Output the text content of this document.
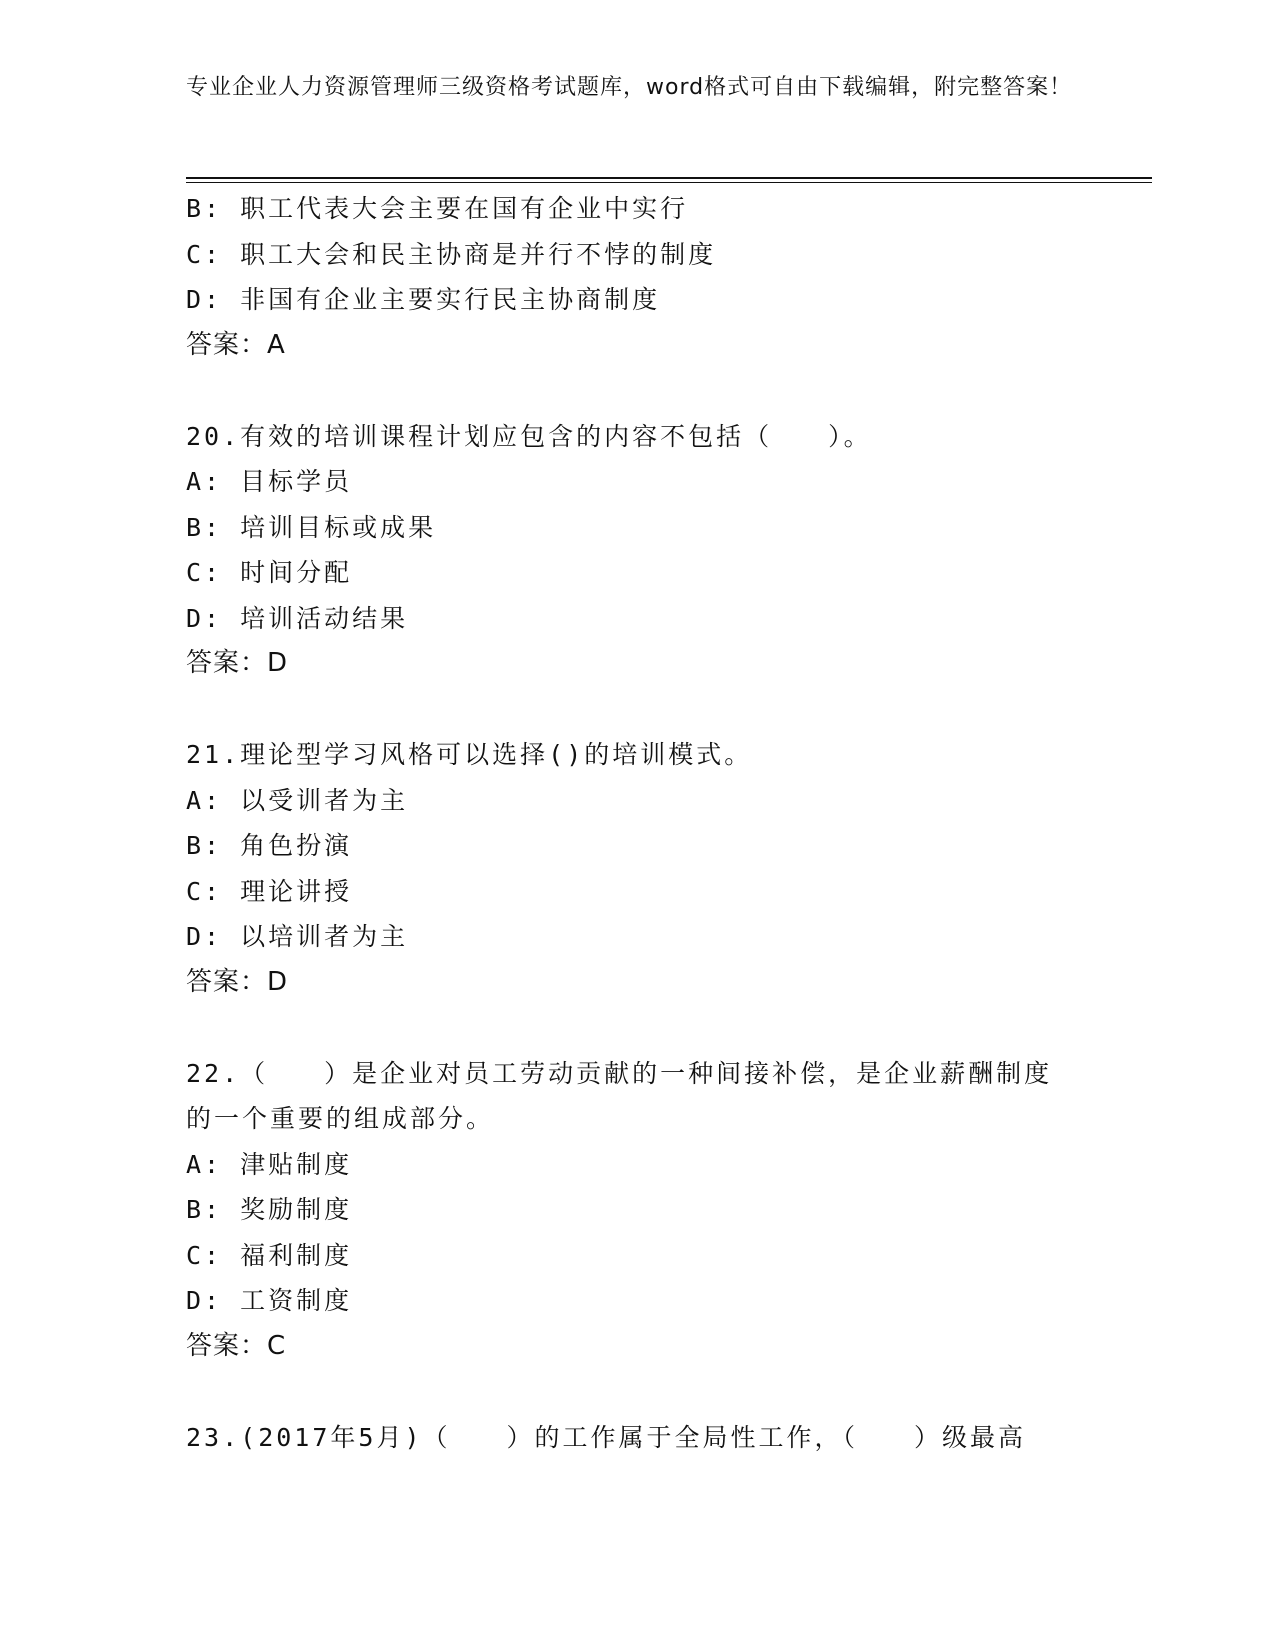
专业企业人力资源管理师三级资格考试题库，word格式可自由下载编辑，附完整答案！
B: 职工代表大会主要在国有企业中实行
C: 职工大会和民主协商是并行不悖的制度
D: 非国有企业主要实行民主协商制度
答案：A
20.有效的培训课程计划应包含的内容不包括（　　）。
A: 目标学员
B: 培训目标或成果
C: 时间分配
D: 培训活动结果
答案：D
21.理论型学习风格可以选择()的培训模式。
A: 以受训者为主
B: 角色扮演
C: 理论讲授
D: 以培训者为主
答案：D
22.（　　）是企业对员工劳动贡献的一种间接补偿，是企业薪酬制度的一个重要的组成部分。
A: 津贴制度
B: 奖励制度
C: 福利制度
D: 工资制度
答案：C
23.(2017年5月)（　　）的工作属于全局性工作，（　　）级最高
